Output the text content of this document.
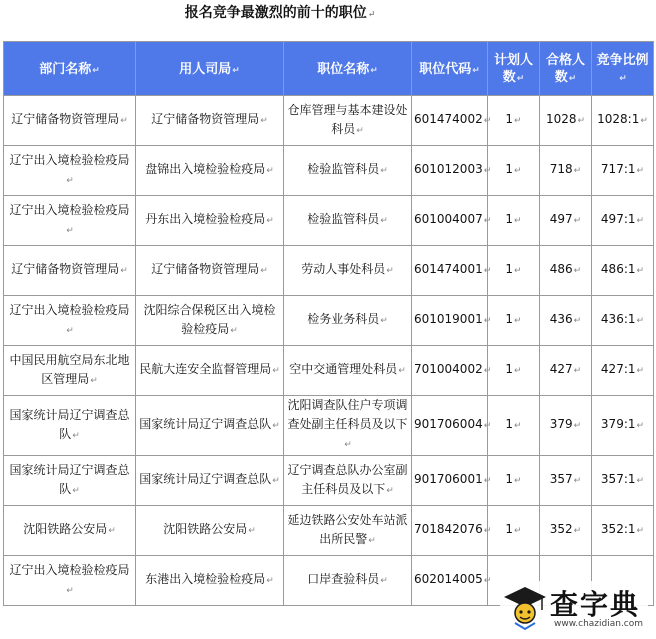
报名竞争最激烈的前十的职位↵
部门名称↵	用人司局↵	职位名称↵	职位代码↵	计划人数↵	合格人数↵	竞争比例↵
辽宁储备物资管理局↵	辽宁储备物资管理局↵	仓库管理与基本建设处科员↵	601474002↵	1↵	1028↵	1028:1↵
辽宁出入境检验检疫局↵	盘锦出入境检验检疫局↵	检验监管科员↵	601012003↵	1↵	718↵	717:1↵
辽宁出入境检验检疫局↵	丹东出入境检验检疫局↵	检验监管科员↵	601004007↵	1↵	497↵	497:1↵
辽宁储备物资管理局↵	辽宁储备物资管理局↵	劳动人事处科员↵	601474001↵	1↵	486↵	486:1↵
辽宁出入境检验检疫局↵	沈阳综合保税区出入境检验检疫局↵	检务业务科员↵	601019001↵	1↵	436↵	436:1↵
中国民用航空局东北地区管理局↵	民航大连安全监督管理局↵	空中交通管理处科员↵	701004002↵	1↵	427↵	427:1↵
国家统计局辽宁调查总队↵	国家统计局辽宁调查总队↵	沈阳调查队住户专项调查处副主任科员及以下↵	901706004↵	1↵	379↵	379:1↵
国家统计局辽宁调查总队↵	国家统计局辽宁调查总队↵	辽宁调查总队办公室副主任科员及以下↵	901706001↵	1↵	357↵	357:1↵
沈阳铁路公安局↵	沈阳铁路公安局↵	延边铁路公安处车站派出所民警↵	701842076↵	1↵	352↵	352:1↵
辽宁出入境检验检疫局↵	东港出入境检验检疫局↵	口岸查验科员↵	602014005↵			
查字典
www.chazidian.com
